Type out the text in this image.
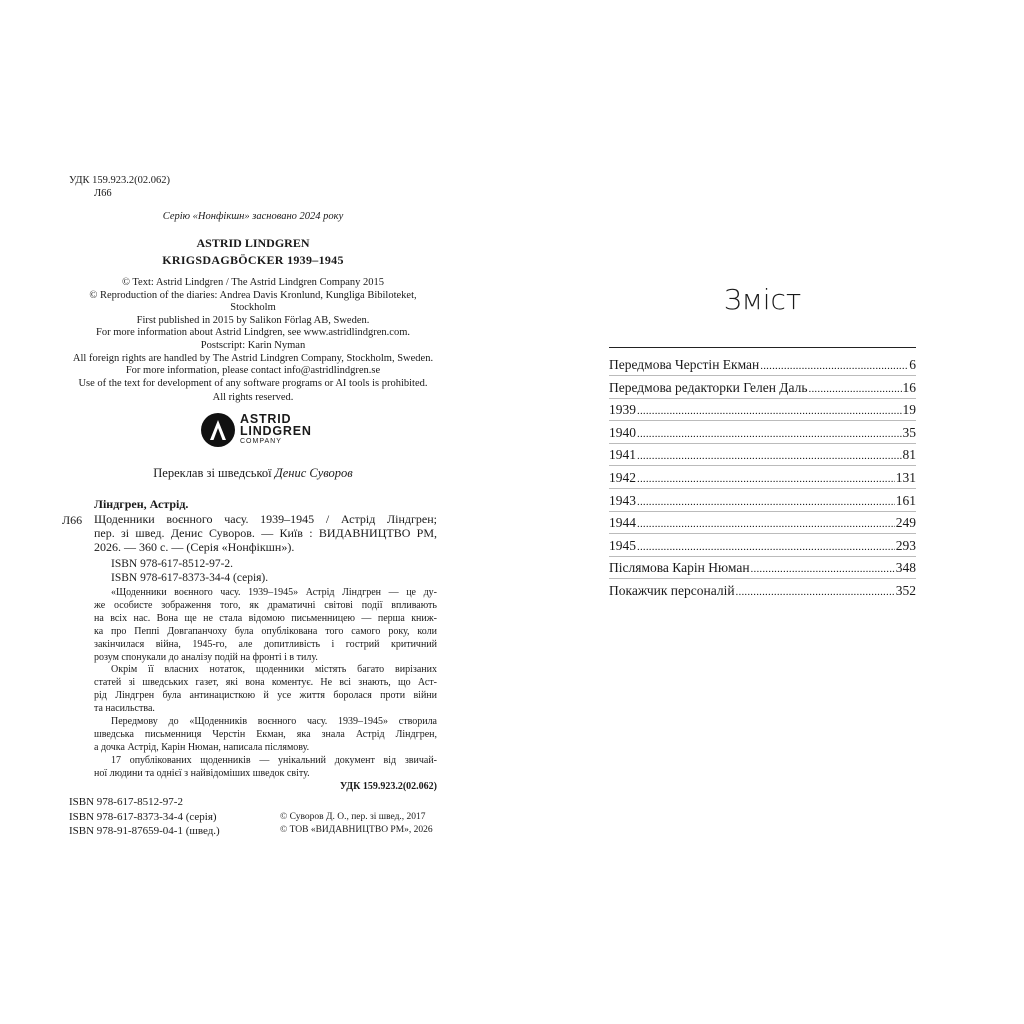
УДК 159.923.2(02.062)
Л66
Серію «Нонфікшн» засновано 2024 року
ASTRID LINDGREN
KRIGSDAGBÖCKER 1939–1945
© Text: Astrid Lindgren / The Astrid Lindgren Company 2015
© Reproduction of the diaries: Andrea Davis Kronlund, Kungliga Bibiloteket,
Stockholm
First published in 2015 by Salikon Förlag AB, Sweden.
For more information about Astrid Lindgren, see www.astridlindgren.com.
Postscript: Karin Nyman
All foreign rights are handled by The Astrid Lindgren Company, Stockholm, Sweden.
For more information, please contact info@astridlindgren.se
Use of the text for development of any software programs or AI tools is prohibited.
All rights reserved.
ASTRID
LINDGREN
COMPANY
Переклав зі шведської Денис Суворов
Ліндгрен, Астрід.
Л66 Щоденники воєнного часу. 1939–1945 / Астрід Ліндгрен;
пер. зі швед. Денис Суворов. — Київ : ВИДАВНИЦТВО РМ,
2026. — 360 с. — (Серія «Нонфікшн»).
ISBN 978-617-8512-97-2.
ISBN 978-617-8373-34-4 (серія).
«Щоденники воєнного часу. 1939–1945» Астрід Ліндгрен — це ду-
же особисте зображення того, як драматичні світові події впливають
на всіх нас. Вона ще не стала відомою письменницею — перша книж-
ка про Пеппі Довгапанчоху була опублікована того самого року, коли
закінчилася війна, 1945-го, але допитливість і гострий критичний
розум спонукали до аналізу подій на фронті і в тилу.
Окрім її власних нотаток, щоденники містять багато вирізаних
статей зі шведських газет, які вона коментує. Не всі знають, що Аст-
рід Ліндгрен була антинацисткою й усе життя боролася проти війни
та насильства.
Передмову до «Щоденників воєнного часу. 1939–1945» створила
шведська письменниця Черстін Екман, яка знала Астрід Ліндгрен,
а дочка Астрід, Карін Нюман, написала післямову.
17 опублікованих щоденників — унікальний документ від звичай-
ної людини та однієї з найвідоміших шведок світу.
УДК 159.923.2(02.062)
ISBN 978-617-8512-97-2
ISBN 978-617-8373-34-4 (серія)
ISBN 978-91-87659-04-1 (швед.)
© Суворов Д. О., пер. зі швед., 2017
© ТОВ «ВИДАВНИЦТВО РМ», 2026
Зміст
Передмова Черстін Екман .....	6
Передмова редакторки Гелен Даль .....	16
1939 .....	19
1940 .....	35
1941 .....	81
1942 .....	131
1943 .....	161
1944 .....	249
1945 .....	293
Післямова Карін Нюман .....	348
Покажчик персоналій .....	352
